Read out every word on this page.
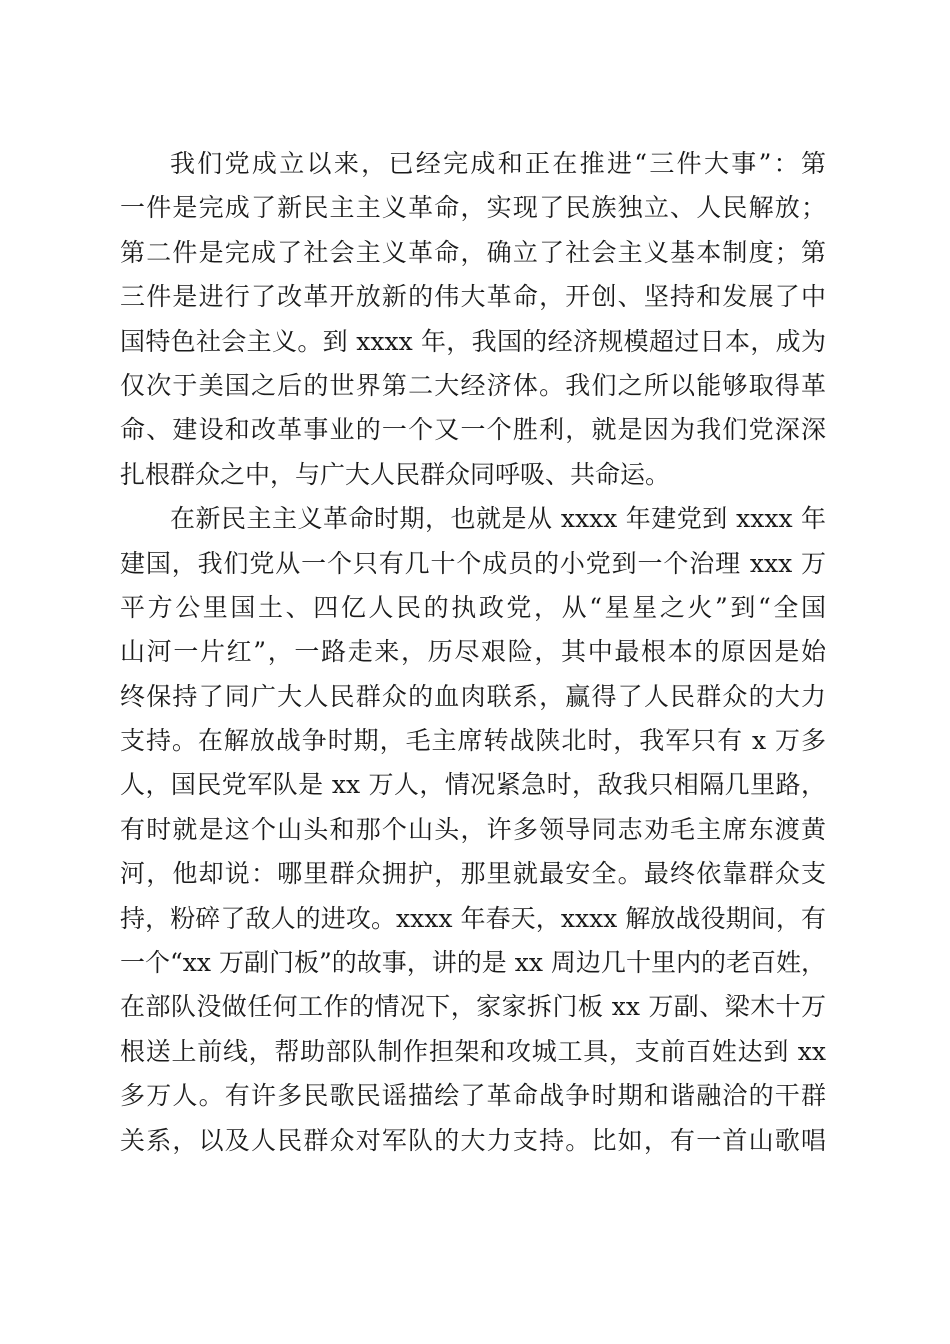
我们党成立以来，已经完成和正在推进“三件大事”：第
一件是完成了新民主主义革命，实现了民族独立、人民解放；
第二件是完成了社会主义革命，确立了社会主义基本制度；第
三件是进行了改革开放新的伟大革命，开创、坚持和发展了中
国特色社会主义。到 xxxx 年，我国的经济规模超过日本，成为
仅次于美国之后的世界第二大经济体。我们之所以能够取得革
命、建设和改革事业的一个又一个胜利，就是因为我们党深深
扎根群众之中，与广大人民群众同呼吸、共命运。
在新民主主义革命时期，也就是从 xxxx 年建党到 xxxx 年
建国，我们党从一个只有几十个成员的小党到一个治理 xxx 万
平方公里国土、四亿人民的执政党，从“星星之火”到“全国
山河一片红”，一路走来，历尽艰险，其中最根本的原因是始
终保持了同广大人民群众的血肉联系，赢得了人民群众的大力
支持。在解放战争时期，毛主席转战陕北时，我军只有 x 万多
人，国民党军队是 xx 万人，情况紧急时，敌我只相隔几里路，
有时就是这个山头和那个山头，许多领导同志劝毛主席东渡黄
河，他却说：哪里群众拥护，那里就最安全。最终依靠群众支
持，粉碎了敌人的进攻。xxxx 年春天，xxxx 解放战役期间，有
一个“xx 万副门板”的故事，讲的是 xx 周边几十里内的老百姓，
在部队没做任何工作的情况下，家家拆门板 xx 万副、梁木十万
根送上前线，帮助部队制作担架和攻城工具，支前百姓达到 xx
多万人。有许多民歌民谣描绘了革命战争时期和谐融洽的干群
关系，以及人民群众对军队的大力支持。比如，有一首山歌唱
